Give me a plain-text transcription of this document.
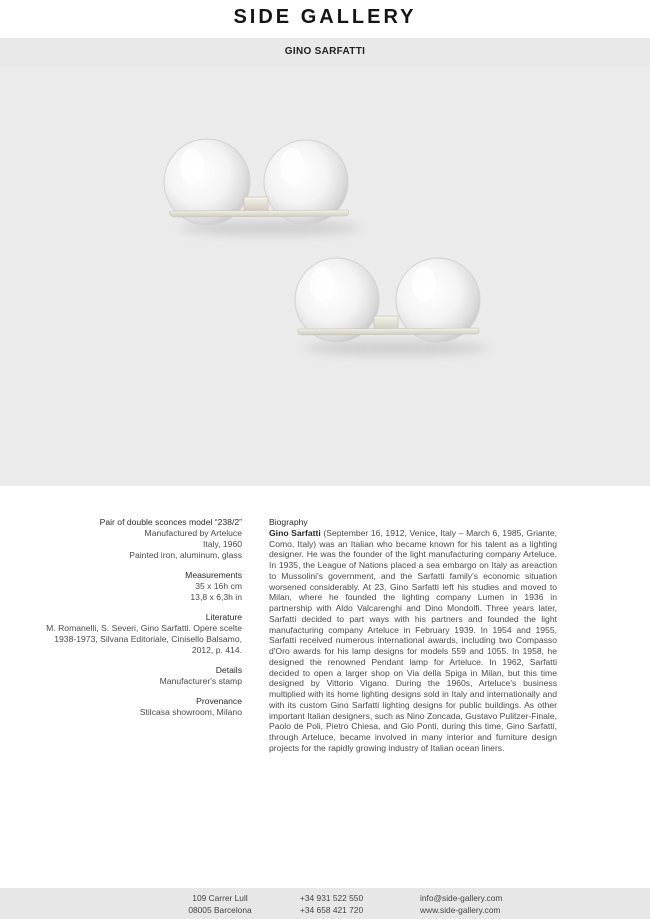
SIDE GALLERY
GINO SARFATTI
Pair of double sconces model “238/2”
Manufactured by Arteluce
Italy, 1960
Painted iron, aluminum, glass
Measurements
35 x 16h cm
13,8 x 6,3h in
Literature
M. Romanelli, S. Severi, Gino Sarfatti. Opere scelte 1938-1973, Silvana Editoriale, Cinisello Balsamo, 2012, p. 414.
Details
Manufacturer's stamp
Provenance
Stilcasa showroom, Milano
Biography
Gino Sarfatti (September 16, 1912, Venice, Italy – March 6, 1985, Griante, Como, Italy) was an Italian who became known for his talent as a lighting designer. He was the founder of the light manufacturing company Arteluce. In 1935, the League of Nations placed a sea embargo on Italy as areaction to Mussolini's government, and the Sarfatti family's economic situation worsened considerably. At 23, Gino Sarfatti left his studies and moved to Milan, where he founded the lighting company Lumen in 1936 in partnership with Aldo Valcarenghi and Dino Mondolfi. Three years later, Sarfatti decided to part ways with his partners and founded the light manufacturing company Arteluce in February 1939. In 1954 and 1955, Sarfatti received numerous international awards, including two Compasso d'Oro awards for his lamp designs for models 559 and 1055. In 1958, he designed the renowned Pendant lamp for Arteluce. In 1962, Sarfatti decided to open a larger shop on Via della Spiga in Milan, but this time designed by Vittorio Vigano. During the 1960s, Arteluce's business multiplied with its home lighting designs sold in Italy and internationally and with its custom Gino Sarfatti lighting designs for public buildings. As other important Italian designers, such as Nino Zoncada, Gustavo Pulitzer-Finale, Paolo de Poli, Pietro Chiesa, and Gio Ponti, during this time, Gino Sarfatti, through Arteluce, became involved in many interior and furniture design projects for the rapidly growing industry of Italian ocean liners.
109 Carrer Lull
08005 Barcelona
+34 931 522 550
+34 658 421 720
info@side-gallery.com
www.side-gallery.com
